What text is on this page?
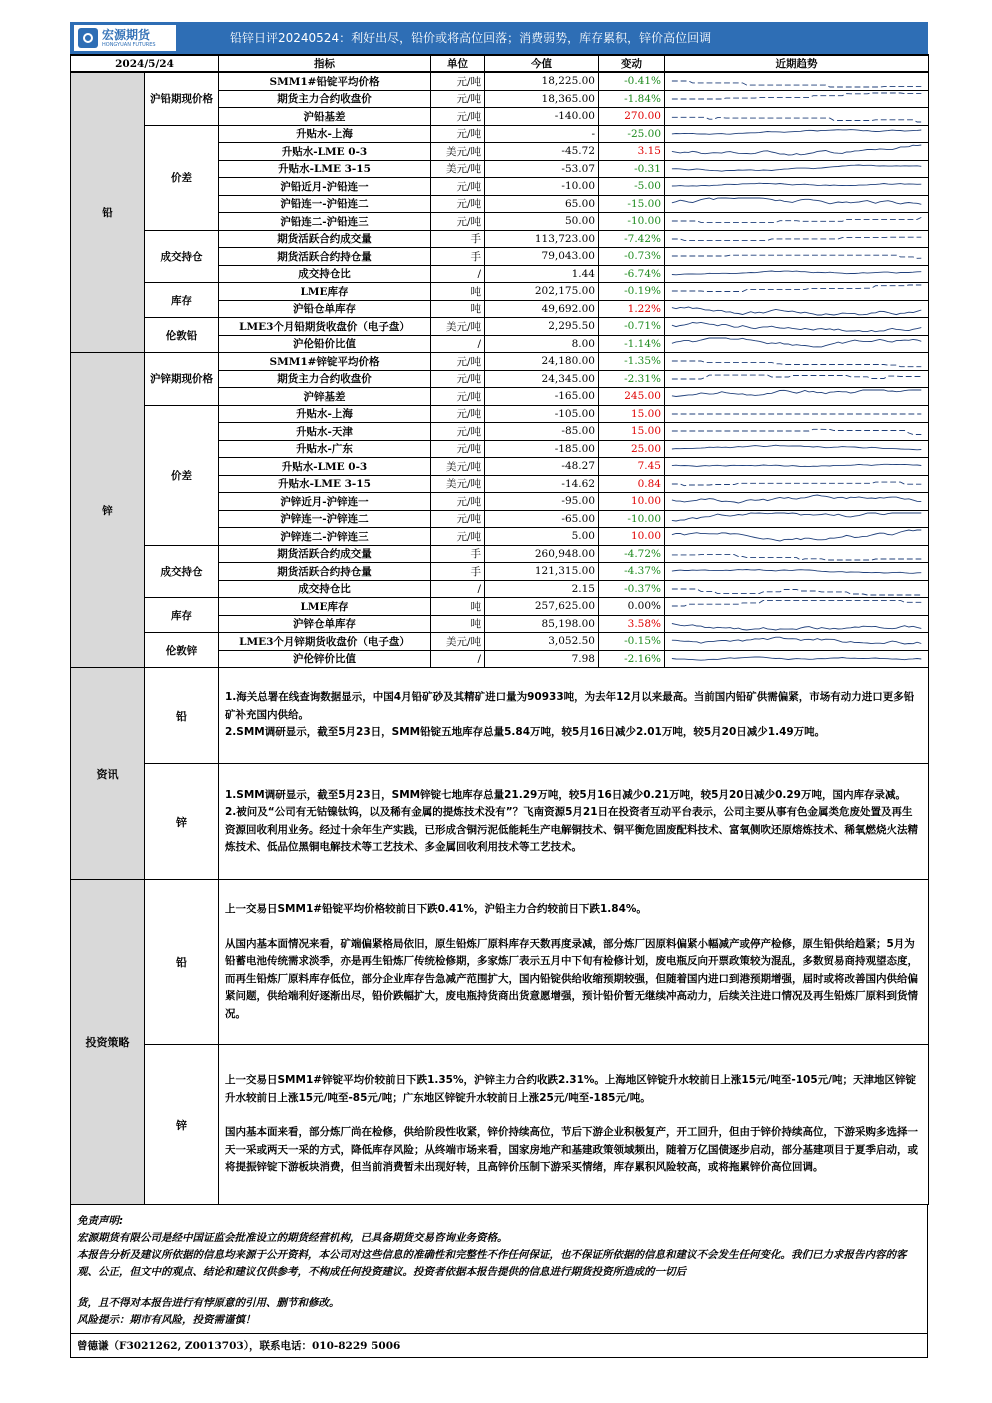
宏源期货
HONGYUAN FUTURES	铅锌日评20240524：利好出尽，铅价或将高位回落；消费弱势，库存累积，锌价高位回调
2024/5/24		指标	单位	今值	变动	近期趋势
铅	沪铅期现价格	SMM1#铅锭平均价格	元/吨	18,225.00	-0.41%	

		期货主力合约收盘价	元/吨	18,365.00	-1.84%	

		沪铅基差	元/吨	-140.00	270.00	

	价差	升贴水-上海	元/吨	-	-25.00	

		升贴水-LME 0-3	美元/吨	-45.72	3.15	

		升贴水-LME 3-15	美元/吨	-53.07	-0.31	

		沪铅近月-沪铅连一	元/吨	-10.00	-5.00	

		沪铅连一-沪铅连二	元/吨	65.00	-15.00	

		沪铅连二-沪铅连三	元/吨	50.00	-10.00	

	成交持仓	期货活跃合约成交量	手	113,723.00	-7.42%	

		期货活跃合约持仓量	手	79,043.00	-0.73%	

		成交持仓比	/	1.44	-6.74%	

	库存	LME库存	吨	202,175.00	-0.19%	

		沪铅仓单库存	吨	49,692.00	1.22%	

	伦敦铅	LME3个月铅期货收盘价（电子盘）	美元/吨	2,295.50	-0.71%	

		沪伦铅价比值	/	8.00	-1.14%	

锌	沪锌期现价格	SMM1#锌锭平均价格	元/吨	24,180.00	-1.35%	

		期货主力合约收盘价	元/吨	24,345.00	-2.31%	

		沪锌基差	元/吨	-165.00	245.00	

	价差	升贴水-上海	元/吨	-105.00	15.00	

		升贴水-天津	元/吨	-85.00	15.00	

		升贴水-广东	元/吨	-185.00	25.00	

		升贴水-LME 0-3	美元/吨	-48.27	7.45	

		升贴水-LME 3-15	美元/吨	-14.62	0.84	

		沪锌近月-沪锌连一	元/吨	-95.00	10.00	

		沪锌连一-沪锌连二	元/吨	-65.00	-10.00	

		沪锌连二-沪锌连三	元/吨	5.00	10.00	

	成交持仓	期货活跃合约成交量	手	260,948.00	-4.72%	

		期货活跃合约持仓量	手	121,315.00	-4.37%	

		成交持仓比	/	2.15	-0.37%	

	库存	LME库存	吨	257,625.00	0.00%	

		沪锌仓单库存	吨	85,198.00	3.58%	

	伦敦锌	LME3个月锌期货收盘价（电子盘）	美元/吨	3,052.50	-0.15%	

		沪伦锌价比值	/	7.98	-2.16%	
资讯	铅	1.海关总署在线查询数据显示，中国4月铅矿砂及其精矿进口量为90933吨，为去年12月以来最高。当前国内铅矿供需偏紧，市场有动力进口更多铅矿补充国内供给。

2.SMM调研显示，截至5月23日，SMM铅锭五地库存总量5.84万吨，较5月16日减少2.01万吨，较5月20日减少1.49万吨。

	锌	1.SMM调研显示，截至5月23日，SMM锌锭七地库存总量21.29万吨，较5月16日减少0.21万吨，较5月20日减少0.29万吨，国内库存录减。

2.被问及“公司有无钴镍钛钨，以及稀有金属的提炼技术没有”？飞南资源5月21日在投资者互动平台表示，公司主要从事有色金属类危废处置及再生资源回收利用业务。经过十余年生产实践，已形成含铜污泥低能耗生产电解铜技术、铜平衡危固废配料技术、富氧侧吹还原熔炼技术、稀氧燃烧火法精炼技术、低品位黑铜电解技术等工艺技术、多金属回收利用技术等工艺技术。

投资策略	铅	上一交易日SMM1#铅锭平均价格较前日下跌0.41%，沪铅主力合约较前日下跌1.84%。

从国内基本面情况来看，矿端偏紧格局依旧，原生铅炼厂原料库存天数再度录减，部分炼厂因原料偏紧小幅减产或停产检修，原生铅供给趋紧；5月为铅蓄电池传统需求淡季，亦是再生铅炼厂传统检修期，多家炼厂表示五月中下旬有检修计划，废电瓶反向开票政策较为混乱，多数贸易商持观望态度，而再生铅炼厂原料库存低位，部分企业库存告急减产范围扩大，国内铅锭供给收缩预期较强，但随着国内进口到港预期增强，届时或将改善国内供给偏紧问题，供给端利好逐渐出尽，铅价跌幅扩大，废电瓶持货商出货意愿增强，预计铅价暂无继续冲高动力，后续关注进口情况及再生铅炼厂原料到货情况。

	锌	上一交易日SMM1#锌锭平均价较前日下跌1.35%，沪锌主力合约收跌2.31%。上海地区锌锭升水较前日上涨15元/吨至-105元/吨；天津地区锌锭升水较前日上涨15元/吨至-85元/吨；广东地区锌锭升水较前日上涨25元/吨至-185元/吨。

国内基本面来看，部分炼厂尚在检修，供给阶段性收紧，锌价持续高位，节后下游企业积极复产，开工回升，但由于锌价持续高位，下游采购多选择一天一采或两天一采的方式，降低库存风险；从终端市场来看，国家房地产和基建政策领域频出，随着万亿国债逐步启动，部分基建项目于夏季启动，或将提振锌锭下游板块消费，但当前消费暂未出现好转，且高锌价压制下游采买情绪，库存累积风险较高，或将拖累锌价高位回调。

免责声明:

宏源期货有限公司是经中国证监会批准设立的期货经营机构，已具备期货交易咨询业务资格。

本报告分析及建议所依据的信息均来源于公开资料，本公司对这些信息的准确性和完整性不作任何保证，也不保证所依据的信息和建议不会发生任何变化。我们已力求报告内容的客观、公正，但文中的观点、结论和建议仅供参考，不构成任何投资建议。投资者依据本报告提供的信息进行期货投资所造成的一切后

货，且不得对本报告进行有悖原意的引用、删节和修改。

风险提示：期市有风险，投资需谨慎！

曾德谦（F3021262, Z0013703），联系电话：010-8229 5006
